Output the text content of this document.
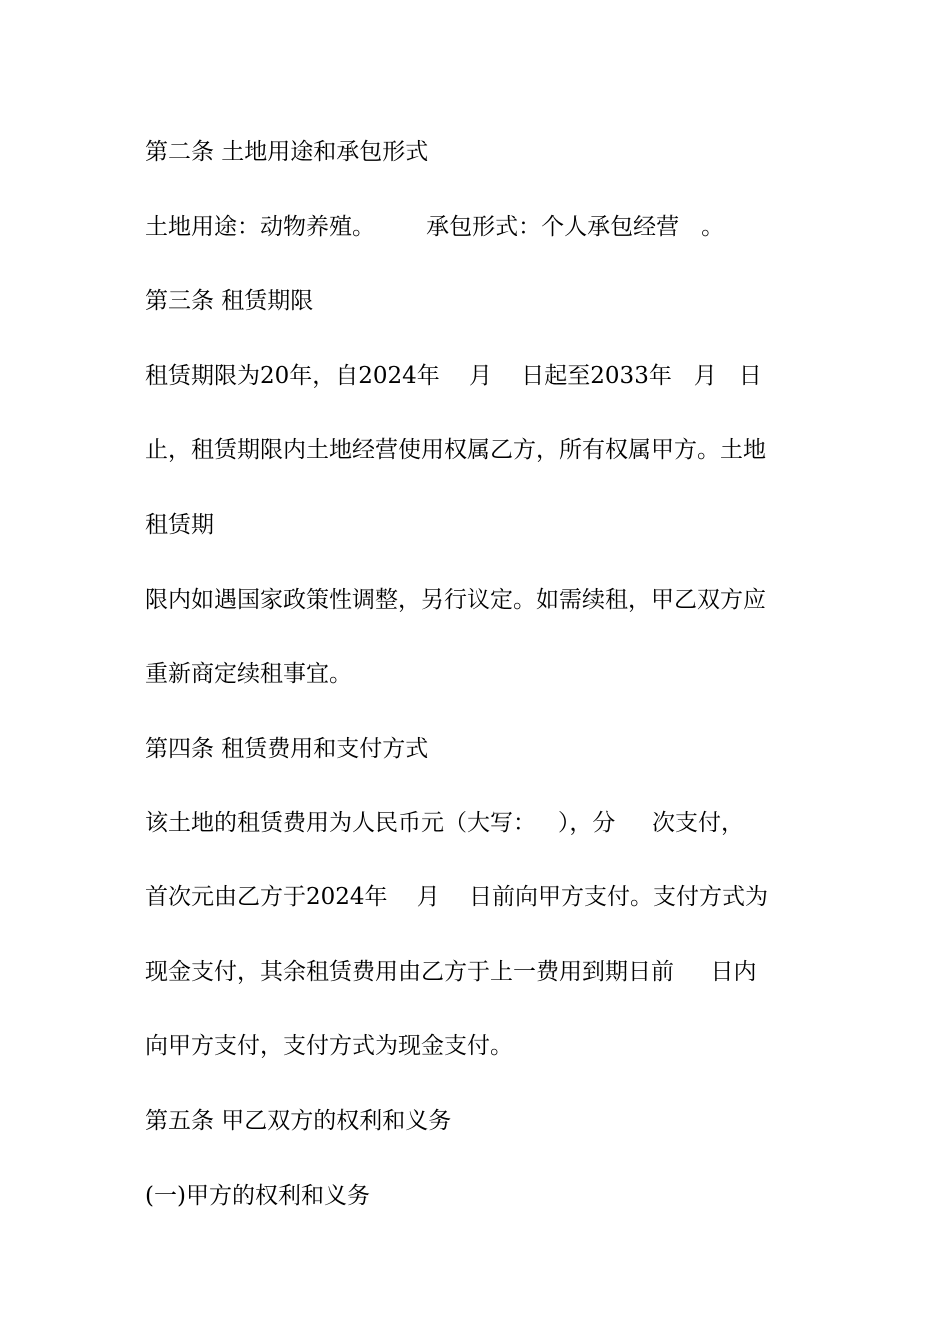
第二条 土地用途和承包形式
土地用途：动物养殖。       承包形式：个人承包经营   。
第三条 租赁期限
租赁期限为20年，自2024年    月    日起至2033年   月   日
止，租赁期限内土地经营使用权属乙方，所有权属甲方。土地
租赁期
限内如遇国家政策性调整，另行议定。如需续租，甲乙双方应
重新商定续租事宜。
第四条 租赁费用和支付方式
该土地的租赁费用为人民币元（大写：   ），分     次支付，
首次元由乙方于2024年    月    日前向甲方支付。支付方式为
现金支付，其余租赁费用由乙方于上一费用到期日前     日内
向甲方支付，支付方式为现金支付。
第五条 甲乙双方的权利和义务
(一)甲方的权利和义务
